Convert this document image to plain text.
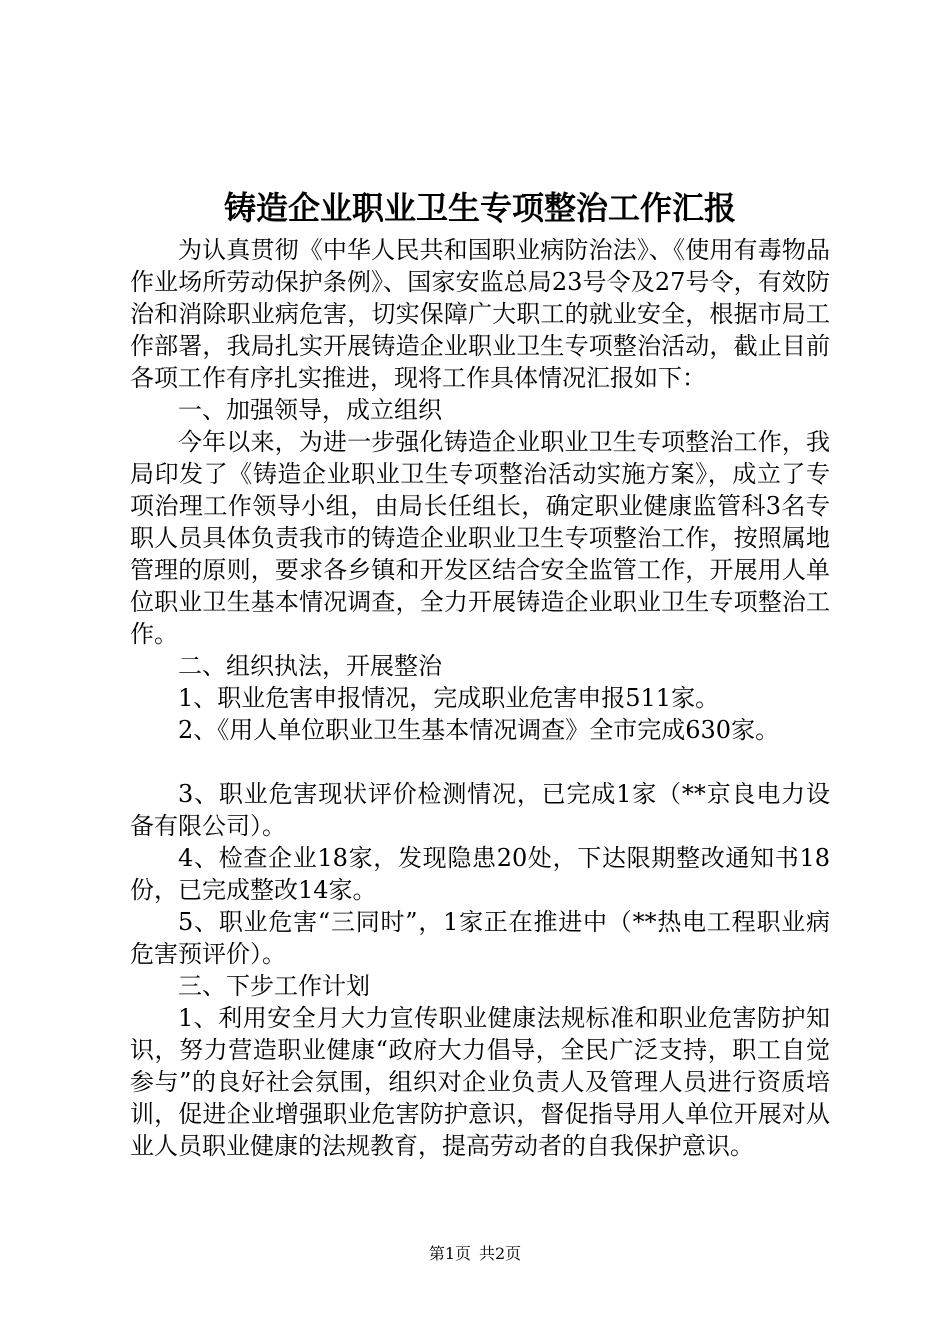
铸造企业职业卫生专项整治工作汇报

为认真贯彻《中华人民共和国职业病防治法》、《使用有毒物品作业场所劳动保护条例》、国家安监总局23号令及27号令，有效防治和消除职业病危害，切实保障广大职工的就业安全，根据市局工作部署，我局扎实开展铸造企业职业卫生专项整治活动，截止目前各项工作有序扎实推进，现将工作具体情况汇报如下：

一、加强领导，成立组织

今年以来，为进一步强化铸造企业职业卫生专项整治工作，我局印发了《铸造企业职业卫生专项整治活动实施方案》，成立了专项治理工作领导小组，由局长任组长，确定职业健康监管科3名专职人员具体负责我市的铸造企业职业卫生专项整治工作，按照属地管理的原则，要求各乡镇和开发区结合安全监管工作，开展用人单位职业卫生基本情况调查，全力开展铸造企业职业卫生专项整治工作。

二、组织执法，开展整治

1、职业危害申报情况，完成职业危害申报511家。

2、《用人单位职业卫生基本情况调查》全市完成630家。

3、职业危害现状评价检测情况，已完成1家（**京良电力设备有限公司）。

4、检查企业18家，发现隐患20处，下达限期整改通知书18份，已完成整改14家。

5、职业危害“三同时”，1家正在推进中（**热电工程职业病危害预评价）。

三、下步工作计划

1、利用安全月大力宣传职业健康法规标准和职业危害防护知识，努力营造职业健康“政府大力倡导，全民广泛支持，职工自觉参与”的良好社会氛围，组织对企业负责人及管理人员进行资质培训，促进企业增强职业危害防护意识，督促指导用人单位开展对从业人员职业健康的法规教育，提高劳动者的自我保护意识。

第1页 共2页
